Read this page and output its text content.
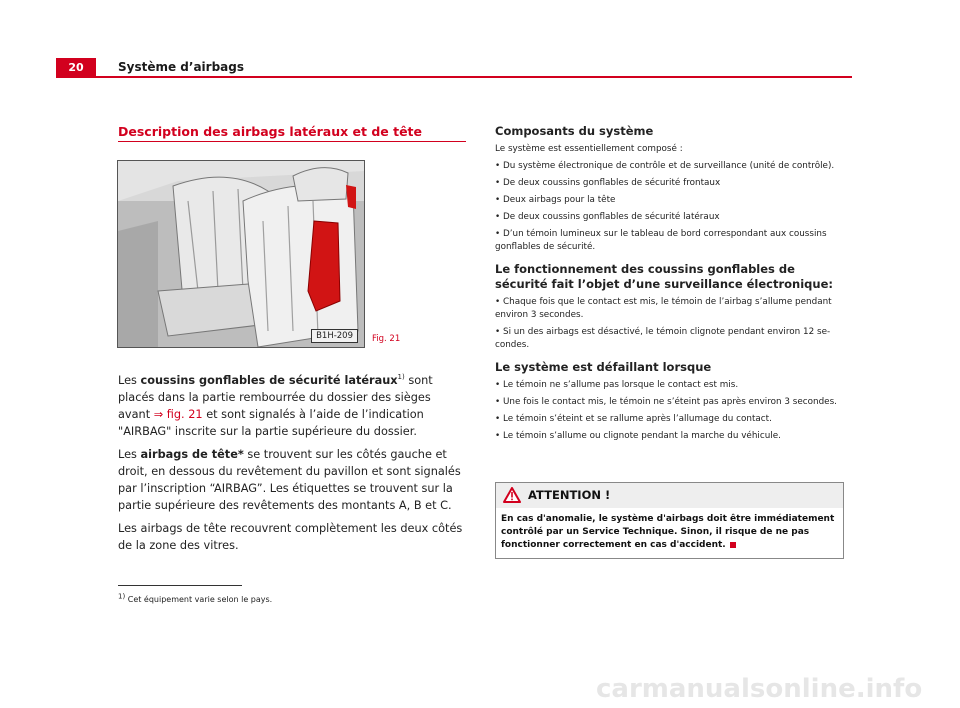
20	Système d’airbags
Description des airbags latéraux et de tête
B1H-209	Fig. 21

Les coussins gonflables de sécurité latéraux$^{1)}$ sont placés dans la partie rembourrée du dossier des sièges avant ⇒ fig. 21 et sont signalés à l’aide de l’indication "AIRBAG" inscrite sur la partie supérieure du dossier.

Les airbags de tête* se trouvent sur les côtés gauche et droit, en dessous du revêtement du pavillon et sont signalés par l’inscription “AIRBAG”. Les étiquettes se trouvent sur la partie supérieure des revêtements des montants A, B et C.

Les airbags de tête recouvrent complètement les deux côtés de la zone des vitres.

Composants du système

Le système est essentiellement composé :

• Du système électronique de contrôle et de surveillance (unité de contrôle).

• De deux coussins gonflables de sécurité frontaux

• Deux airbags pour la tête

• De deux coussins gonflables de sécurité latéraux

• D’un témoin lumineux sur le tableau de bord correspondant aux coussins gonflables de sécurité.

Le fonctionnement des coussins gonflables de sécurité fait l’objet d’une surveillance électronique:

• Chaque fois que le contact est mis, le témoin de l’airbag s’allume pendant environ 3 secondes.

• Si un des airbags est désactivé, le témoin clignote pendant environ 12 se-condes.

Le système est défaillant lorsque

• Le témoin ne s’allume pas lorsque le contact est mis.

• Une fois le contact mis, le témoin ne s’éteint pas après environ 3 secondes.

• Le témoin s’éteint et se rallume après l’allumage du contact.

• Le témoin s’allume ou clignote pendant la marche du véhicule.

ATTENTION !
En cas d'anomalie, le système d'airbags doit être immédiatement contrôlé par un Service Technique. Sinon, il risque de ne pas fonctionner correctement en cas d'accident.
1) Cet équipement varie selon le pays.
carmanualsonline.info
